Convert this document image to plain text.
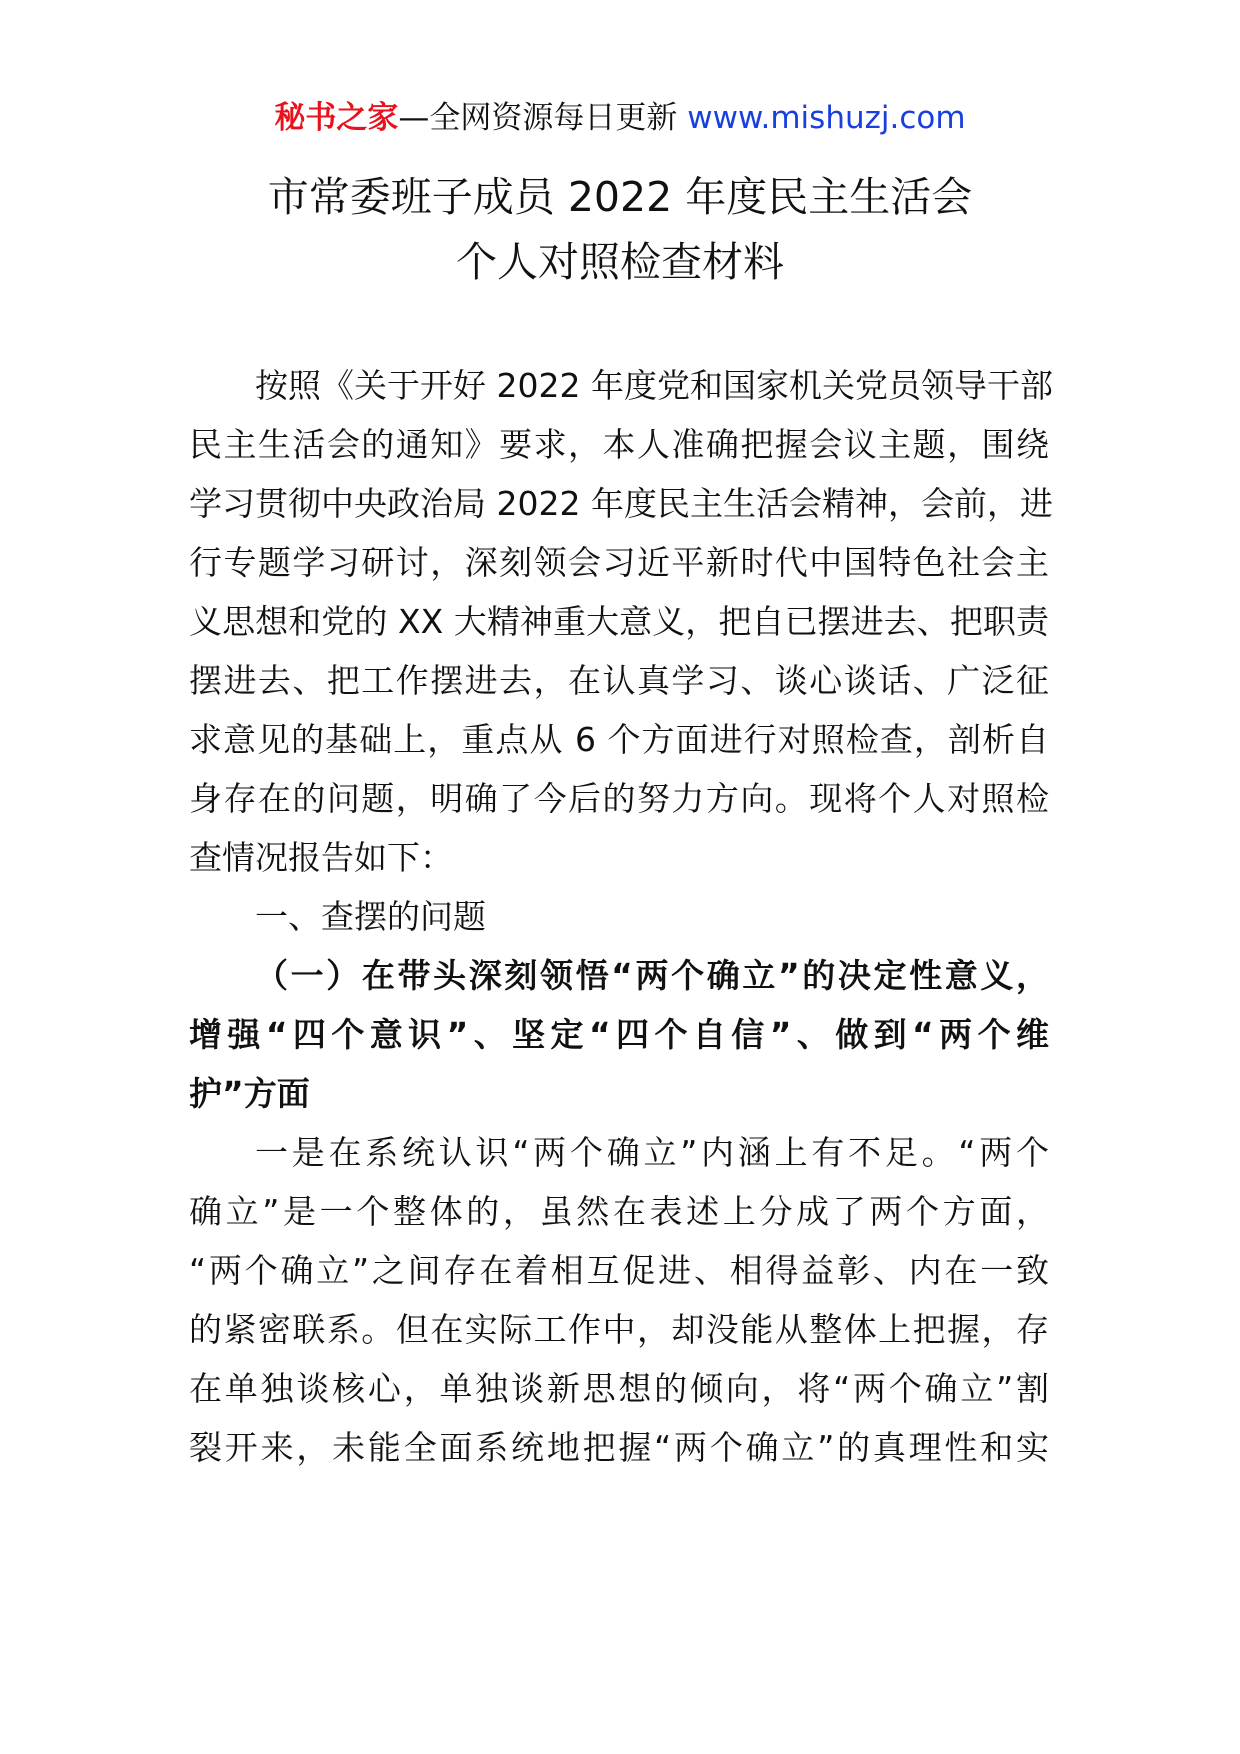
秘书之家—全网资源每日更新 www.mishuzj.com
市常委班子成员 2022 年度民主生活会
个人对照检查材料
按照《关于开好 2022 年度党和国家机关党员领导干部
民主生活会的通知》要求，本人准确把握会议主题，围绕
学习贯彻中央政治局 2022 年度民主生活会精神，会前，进
行专题学习研讨，深刻领会习近平新时代中国特色社会主
义思想和党的 XX 大精神重大意义，把自已摆进去、把职责
摆进去、把工作摆进去，在认真学习、谈心谈话、广泛征
求意见的基础上，重点从 6 个方面进行对照检查，剖析自
身存在的问题，明确了今后的努力方向。现将个人对照检
查情况报告如下：
一、查摆的问题
（一）在带头深刻领悟“两个确立”的决定性意义，
增强“四个意识”、坚定“四个自信”、做到“两个维
护”方面
一是在系统认识“两个确立”内涵上有不足。“两个
确立”是一个整体的，虽然在表述上分成了两个方面，
“两个确立”之间存在着相互促进、相得益彰、内在一致
的紧密联系。但在实际工作中，却没能从整体上把握，存
在单独谈核心，单独谈新思想的倾向，将“两个确立”割
裂开来，未能全面系统地把握“两个确立”的真理性和实
